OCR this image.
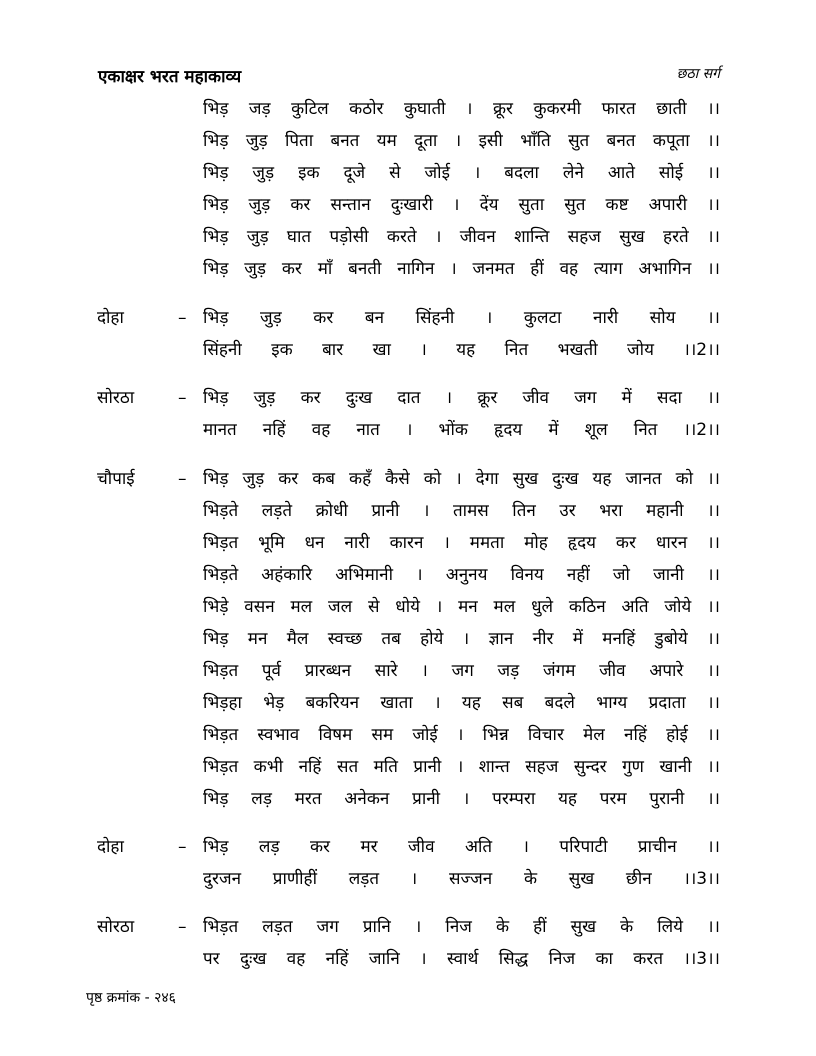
एकाक्षर भरत महाकाव्य	छठा सर्ग
भिड़ जड़ कुटिल कठोर कुघाती । क्रूर कुकरमी फारत छाती ।।
भिड़ जुड़ पिता बनत यम दूता । इसी भाँति सुत बनत कपूता ।।
भिड़ जुड़ इक दूजे से जोई । बदला लेने आते सोई ।।
भिड़ जुड़ कर सन्तान दुःखारी । देंय सुता सुत कष्ट अपारी ।।
भिड़ जुड़ घात पड़ोसी करते । जीवन शान्ति सहज सुख हरते ।।
भिड़ जुड़ कर माँ बनती नागिन । जनमत हीं वह त्याग अभागिन ।।
दोहा	– भिड़ जुड़ कर बन सिंहनी । कुलटा नारी सोय ।।
सिंहनी इक बार खा । यह नित भखती जोय ।।2।।
सोरठा	– भिड़ जुड़ कर दुःख दात । क्रूर जीव जग में सदा ।।
मानत नहिं वह नात । भोंक हृदय में शूल नित ।।2।।
चौपाई	– भिड़ जुड़ कर कब कहँ कैसे को । देगा सुख दुःख यह जानत को ।।
भिड़ते लड़ते क्रोधी प्रानी । तामस तिन उर भरा महानी ।।
भिड़त भूमि धन नारी कारन । ममता मोह हृदय कर धारन ।।
भिड़ते अहंकारि अभिमानी । अनुनय विनय नहीं जो जानी ।।
भिड़े वसन मल जल से धोये । मन मल धुले कठिन अति जोये ।।
भिड़ मन मैल स्वच्छ तब होये । ज्ञान नीर में मनहिं डुबोये ।।
भिड़त पूर्व प्रारब्धन सारे । जग जड़ जंगम जीव अपारे ।।
भिड़हा भेड़ बकरियन खाता । यह सब बदले भाग्य प्रदाता ।।
भिड़त स्वभाव विषम सम जोई । भिन्न विचार मेल नहिं होई ।।
भिड़त कभी नहिं सत मति प्रानी । शान्त सहज सुन्दर गुण खानी ।।
भिड़ लड़ मरत अनेकन प्रानी । परम्परा यह परम पुरानी ।।
दोहा	– भिड़ लड़ कर मर जीव अति । परिपाटी प्राचीन ।।
दुरजन प्राणीहीं लड़त । सज्जन के सुख छीन ।।3।।
सोरठा	– भिड़त लड़त जग प्रानि । निज के हीं सुख के लिये ।।
पर दुःख वह नहिं जानि । स्वार्थ सिद्ध निज का करत ।।3।।
पृष्ठ क्रमांक - २४६
